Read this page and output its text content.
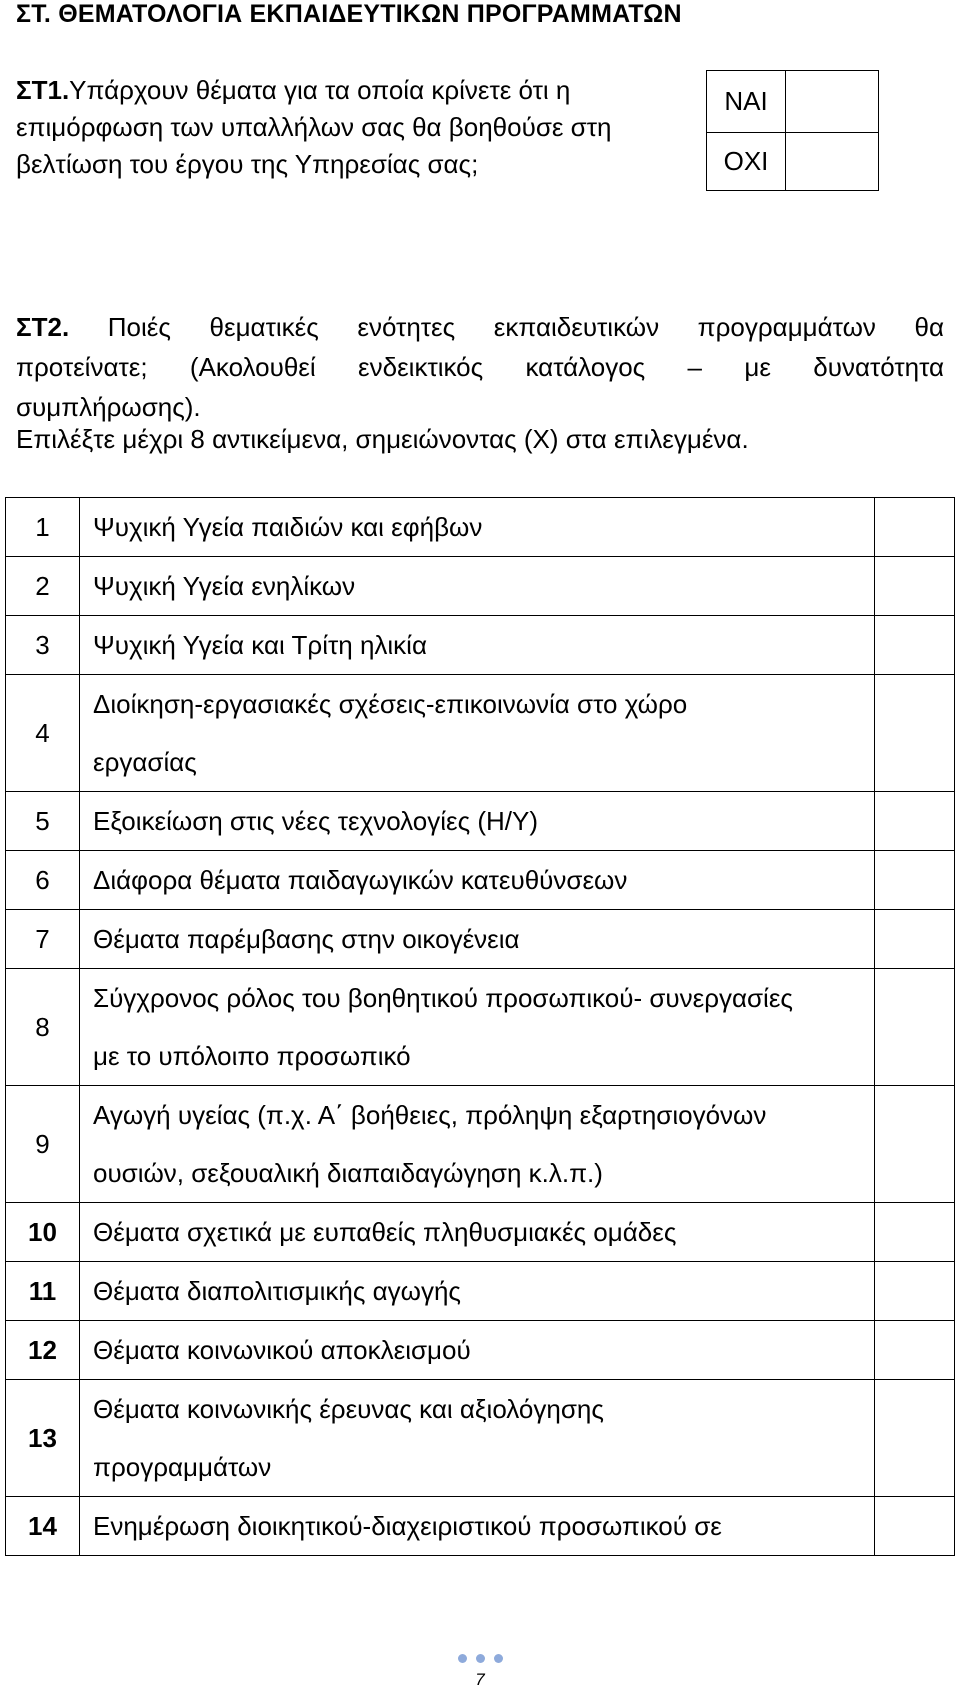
ΣΤ. ΘΕΜΑΤΟΛΟΓΙΑ ΕΚΠΑΙΔΕΥΤΙΚΩΝ ΠΡΟΓΡΑΜΜΑΤΩΝ
ΣΤ1.Υπάρχουν θέματα για τα οποία κρίνετε ότι η
επιμόρφωση των υπαλλήλων σας θα βοηθούσε στη
βελτίωση του έργου της Υπηρεσίας σας;
ΝΑΙ	
ΟΧΙ	
ΣΤ2. Ποιές θεματικές ενότητες εκπαιδευτικών προγραμμάτων θα
προτείνατε; (Ακολουθεί ενδεικτικός κατάλογος – με δυνατότητα
συμπλήρωσης).
Επιλέξτε μέχρι 8 αντικείμενα, σημειώνοντας (Χ) στα επιλεγμένα.
1	Ψυχική Υγεία παιδιών και εφήβων	
2	Ψυχική Υγεία ενηλίκων	
3	Ψυχική Υγεία και Τρίτη ηλικία	
4	Διοίκηση-εργασιακές σχέσεις-επικοινωνία στο χώρο
εργασίας	
5	Εξοικείωση στις νέες τεχνολογίες (Η/Υ)	
6	Διάφορα θέματα παιδαγωγικών κατευθύνσεων	
7	Θέματα παρέμβασης στην οικογένεια	
8	Σύγχρονος ρόλος του βοηθητικού προσωπικού- συνεργασίες
με το υπόλοιπο προσωπικό	
9	Αγωγή υγείας (π.χ. Α΄ βοήθειες, πρόληψη εξαρτησιογόνων
ουσιών, σεξουαλική διαπαιδαγώγηση κ.λ.π.)	
10	Θέματα σχετικά με ευπαθείς πληθυσμιακές ομάδες	
11	Θέματα διαπολιτισμικής αγωγής	
12	Θέματα κοινωνικού αποκλεισμού	
13	Θέματα κοινωνικής έρευνας και αξιολόγησης
προγραμμάτων	
14	Ενημέρωση διοικητικού-διαχειριστικού προσωπικού σε	
7
